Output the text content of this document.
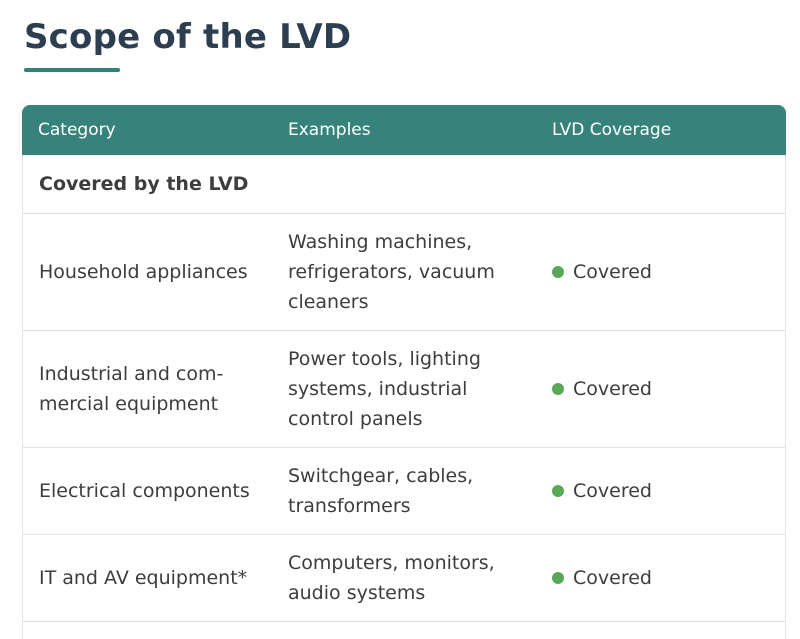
Scope of the LVD
Category	Examples	LVD Coverage
Covered by the LVD		
Household appliances	Washing machines, refrigerators, vacuum cleaners	Covered

Industrial and commercial equipment	Power tools, lighting systems, industrial control panels	Covered

Electrical components	Switchgear, cables, transformers	Covered

IT and AV equipment*	Computers, monitors, audio systems	Covered
